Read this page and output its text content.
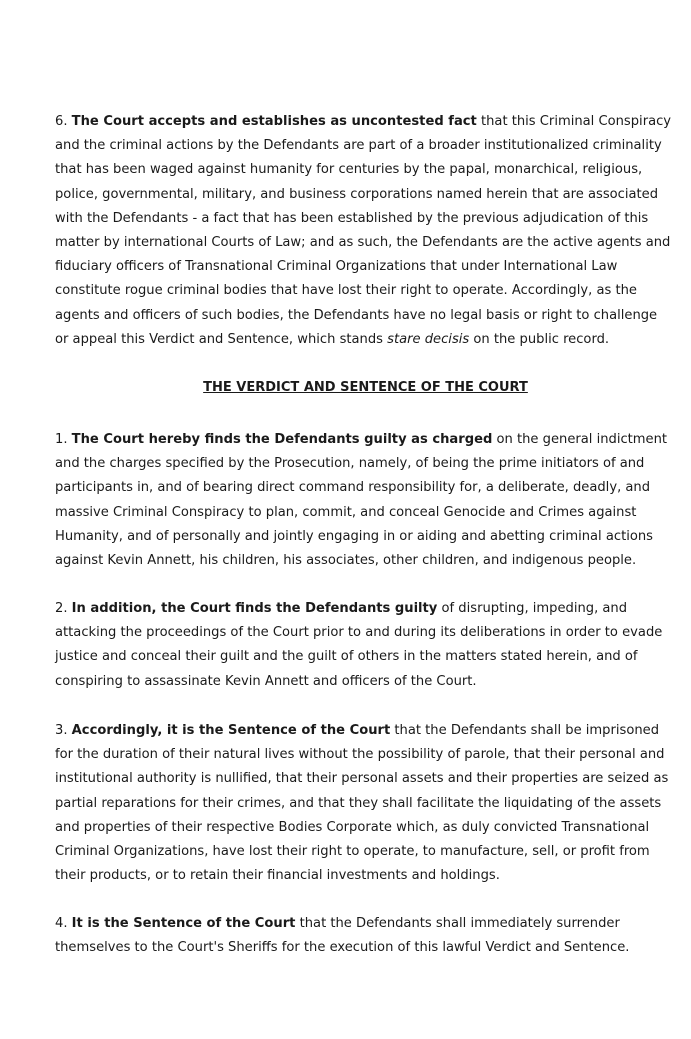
6. The Court accepts and establishes as uncontested fact that this Criminal Conspiracy and the criminal actions by the Defendants are part of a broader institutionalized criminality that has been waged against humanity for centuries by the papal, monarchical, religious, police, governmental, military, and business corporations named herein that are associated with the Defendants - a fact that has been established by the previous adjudication of this matter by international Courts of Law; and as such, the Defendants are the active agents and fiduciary officers of Transnational Criminal Organizations that under International Law constitute rogue criminal bodies that have lost their right to operate. Accordingly, as the agents and officers of such bodies, the Defendants have no legal basis or right to challenge or appeal this Verdict and Sentence, which stands stare decisis on the public record.

THE VERDICT AND SENTENCE OF THE COURT

1. The Court hereby finds the Defendants guilty as charged on the general indictment and the charges specified by the Prosecution, namely, of being the prime initiators of and participants in, and of bearing direct command responsibility for, a deliberate, deadly, and massive Criminal Conspiracy to plan, commit, and conceal Genocide and Crimes against Humanity, and of personally and jointly engaging in or aiding and abetting criminal actions against Kevin Annett, his children, his associates, other children, and indigenous people.

2. In addition, the Court finds the Defendants guilty of disrupting, impeding, and attacking the proceedings of the Court prior to and during its deliberations in order to evade justice and conceal their guilt and the guilt of others in the matters stated herein, and of conspiring to assassinate Kevin Annett and officers of the Court.

3. Accordingly, it is the Sentence of the Court that the Defendants shall be imprisoned for the duration of their natural lives without the possibility of parole, that their personal and institutional authority is nullified, that their personal assets and their properties are seized as partial reparations for their crimes, and that they shall facilitate the liquidating of the assets and properties of their respective Bodies Corporate which, as duly convicted Transnational Criminal Organizations, have lost their right to operate, to manufacture, sell, or profit from their products, or to retain their financial investments and holdings.

4. It is the Sentence of the Court that the Defendants shall immediately surrender themselves to the Court's Sheriffs for the execution of this lawful Verdict and Sentence.
